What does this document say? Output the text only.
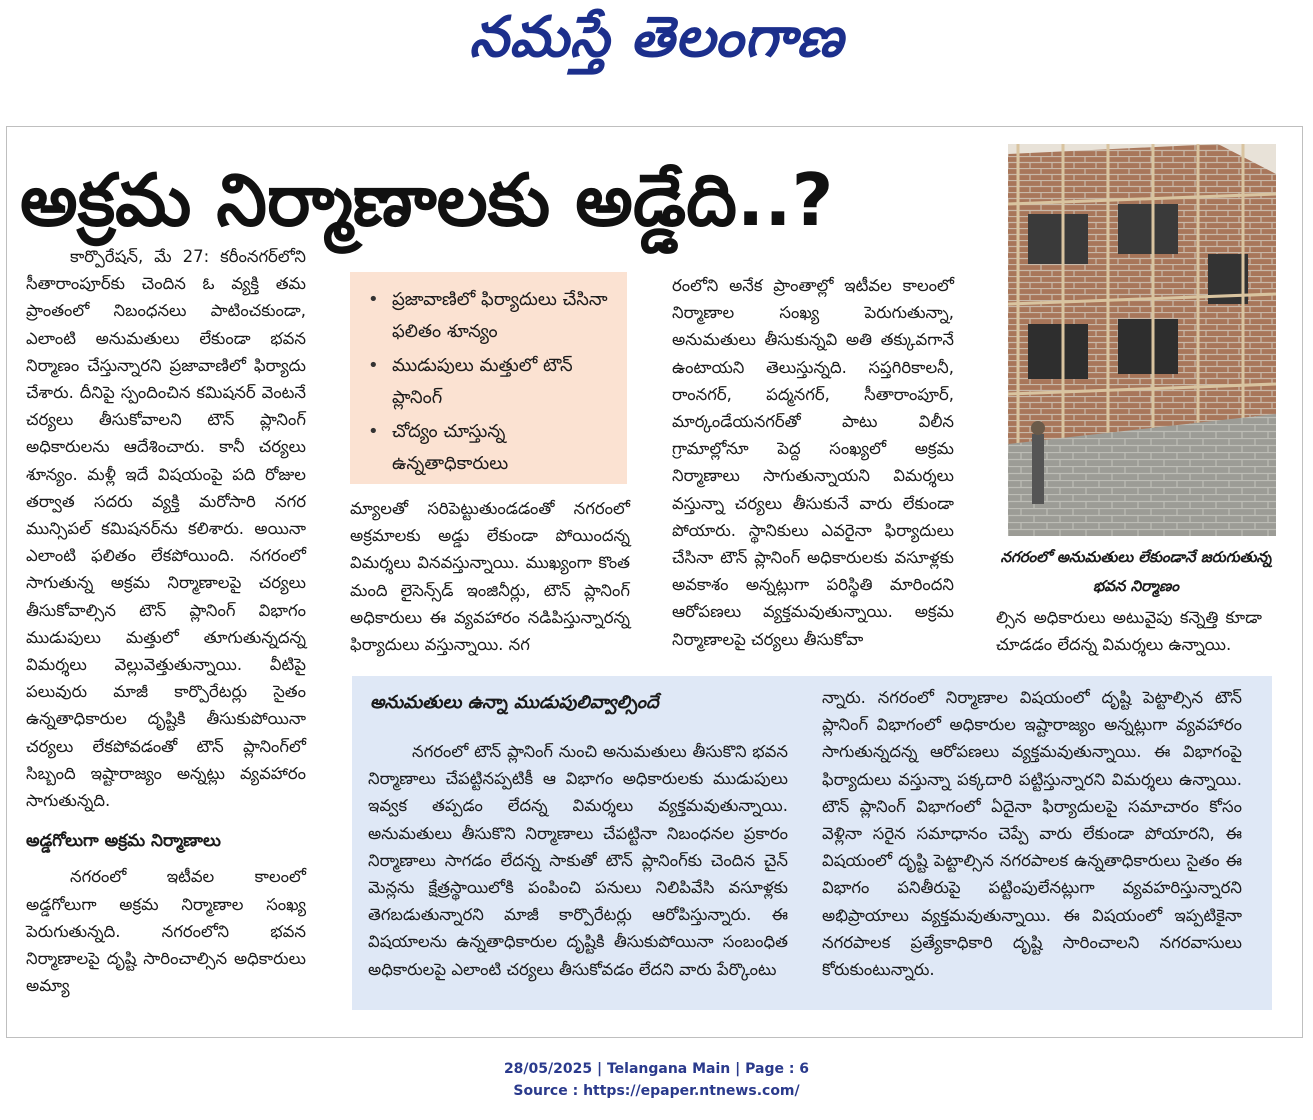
నమస్తే తెలంగాణ
అక్రమ నిర్మాణాలకు అడ్డేది..?

కార్పొరేషన్, మే 27: కరీంనగర్‌లోని సీతారాంపూర్‌కు చెందిన ఓ వ్యక్తి తమ ప్రాంతంలో నిబంధనలు పాటించకుండా, ఎలాంటి అనుమతులు లేకుండా భవన నిర్మాణం చేస్తున్నారని ప్రజావాణిలో ఫిర్యాదు చేశారు. దీనిపై స్పందించిన కమిషనర్ వెంటనే చర్యలు తీసుకోవాలని టౌన్ ప్లానింగ్ అధికారులను ఆదేశించారు. కానీ చర్యలు శూన్యం. మళ్లీ ఇదే విషయంపై పది రోజుల తర్వాత సదరు వ్యక్తి మరోసారి నగర మున్సిపల్ కమిషనర్‌ను కలిశారు. అయినా ఎలాంటి ఫలితం లేకపోయింది. నగరంలో సాగుతున్న అక్రమ నిర్మాణాలపై చర్యలు తీసుకోవాల్సిన టౌన్ ప్లానింగ్ విభాగం ముడుపులు మత్తులో తూగుతున్నదన్న విమర్శలు వెల్లువెత్తుతున్నాయి. వీటిపై పలువురు మాజీ కార్పొరేటర్లు సైతం ఉన్నతాధికారుల దృష్టికి తీసుకుపోయినా చర్యలు లేకపోవడంతో టౌన్ ప్లానింగ్‌లో సిబ్బంది ఇష్టారాజ్యం అన్నట్లు వ్యవహారం సాగుతున్నది.

అడ్డగోలుగా అక్రమ నిర్మాణాలు

నగరంలో ఇటీవల కాలంలో అడ్డగోలుగా అక్రమ నిర్మాణాల సంఖ్య పెరుగుతున్నది. నగరంలోని భవన నిర్మాణాలపై దృష్టి సారించాల్సిన అధికారులు అమ్యా

• ప్రజావాణిలో ఫిర్యాదులు చేసినా ఫలితం శూన్యం
• ముడుపులు మత్తులో టౌన్ ప్లానింగ్
• చోద్యం చూస్తున్న ఉన్నతాధికారులు

మ్యాలతో సరిపెట్టుతుండడంతో నగరంలో అక్రమాలకు అడ్డు లేకుండా పోయిందన్న విమర్శలు వినవస్తున్నాయి. ముఖ్యంగా కొంత మంది లైసెన్స్‌డ్ ఇంజినీర్లు, టౌన్ ప్లానింగ్ అధికారులు ఈ వ్యవహారం నడిపిస్తున్నారన్న ఫిర్యాదులు వస్తున్నాయి. నగ

రంలోని అనేక ప్రాంతాల్లో ఇటీవల కాలంలో నిర్మాణాల సంఖ్య పెరుగుతున్నా, అనుమతులు తీసుకున్నవి అతి తక్కువగానే ఉంటాయని తెలుస్తున్నది. సప్తగిరికాలనీ, రాంనగర్, పద్మనగర్, సీతారాంపూర్, మార్కండేయనగర్‌తో పాటు విలీన గ్రామాల్లోనూ పెద్ద సంఖ్యలో అక్రమ నిర్మాణాలు సాగుతున్నాయని విమర్శలు వస్తున్నా చర్యలు తీసుకునే వారు లేకుండా పోయారు. స్థానికులు ఎవరైనా ఫిర్యాదులు చేసినా టౌన్ ప్లానింగ్ అధికారులకు వసూళ్లకు అవకాశం అన్నట్లుగా పరిస్థితి మారిందని ఆరోపణలు వ్యక్తమవుతున్నాయి. అక్రమ నిర్మాణాలపై చర్యలు తీసుకోవా

నగరంలో అనుమతులు లేకుండానే జరుగుతున్న భవన నిర్మాణం

ల్సిన అధికారులు అటువైపు కన్నెత్తి కూడా చూడడం లేదన్న విమర్శలు ఉన్నాయి.

అనుమతులు ఉన్నా ముడుపులివ్వాల్సిందే

నగరంలో టౌన్ ప్లానింగ్ నుంచి అనుమతులు తీసుకొని భవన నిర్మాణాలు చేపట్టినప్పటికీ ఆ విభాగం అధికారులకు ముడుపులు ఇవ్వక తప్పడం లేదన్న విమర్శలు వ్యక్తమవుతున్నాయి. అనుమతులు తీసుకొని నిర్మాణాలు చేపట్టినా నిబంధనల ప్రకారం నిర్మాణాలు సాగడం లేదన్న సాకుతో టౌన్ ప్లానింగ్‌కు చెందిన చైన్ మెన్లను క్షేత్రస్థాయిలోకి పంపించి పనులు నిలిపివేసి వసూళ్లకు తెగబడుతున్నారని మాజీ కార్పొరేటర్లు ఆరోపిస్తున్నారు. ఈ విషయాలను ఉన్నతాధికారుల దృష్టికి తీసుకుపోయినా సంబంధిత అధికారులపై ఎలాంటి చర్యలు తీసుకోవడం లేదని వారు పేర్కొంటు

న్నారు. నగరంలో నిర్మాణాల విషయంలో దృష్టి పెట్టాల్సిన టౌన్ ప్లానింగ్ విభాగంలో అధికారుల ఇష్టారాజ్యం అన్నట్లుగా వ్యవహారం సాగుతున్నదన్న ఆరోపణలు వ్యక్తమవుతున్నాయి. ఈ విభాగంపై ఫిర్యాదులు వస్తున్నా పక్కదారి పట్టిస్తున్నారని విమర్శలు ఉన్నాయి. టౌన్ ప్లానింగ్ విభాగంలో ఏదైనా ఫిర్యాదులపై సమాచారం కోసం వెళ్లినా సరైన సమాధానం చెప్పే వారు లేకుండా పోయారని, ఈ విషయంలో దృష్టి పెట్టాల్సిన నగరపాలక ఉన్నతాధికారులు సైతం ఈ విభాగం పనితీరుపై పట్టింపులేనట్లుగా వ్యవహరిస్తున్నారని అభిప్రాయాలు వ్యక్తమవుతున్నాయి. ఈ విషయంలో ఇప్పటికైనా నగరపాలక ప్రత్యేకాధికారి దృష్టి సారించాలని నగరవాసులు కోరుకుంటున్నారు.

28/05/2025 | Telangana Main | Page : 6
Source : https://epaper.ntnews.com/
